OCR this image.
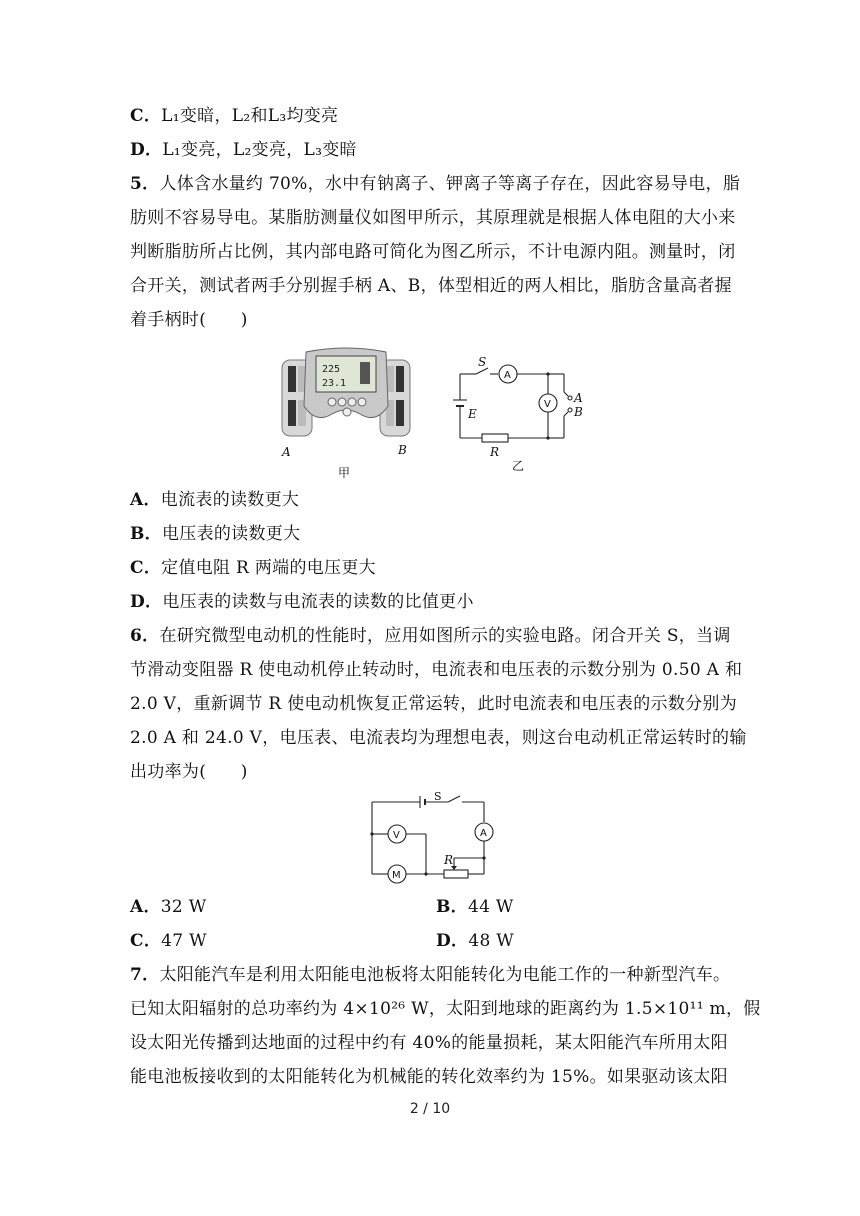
C．L₁变暗，L₂和L₃均变亮
D．L₁变亮，L₂变亮，L₃变暗
5．人体含水量约 70%，水中有钠离子、钾离子等离子存在，因此容易导电，脂
肪则不容易导电。某脂肪测量仪如图甲所示，其原理就是根据人体电阻的大小来
判断脂肪所占比例，其内部电路可简化为图乙所示，不计电源内阻。测量时，闭
合开关，测试者两手分别握手柄 A、B，体型相近的两人相比，脂肪含量高者握
着手柄时(　　)
225
23.1
A	B
甲
S
A
V A
B
E
R
乙
A．电流表的读数更大
B．电压表的读数更大
C．定值电阻 R 两端的电压更大
D．电压表的读数与电流表的读数的比值更小
6．在研究微型电动机的性能时，应用如图所示的实验电路。闭合开关 S，当调
节滑动变阻器 R 使电动机停止转动时，电流表和电压表的示数分别为 0.50 A 和
2.0 V，重新调节 R 使电动机恢复正常运转，此时电流表和电压表的示数分别为
2.0 A 和 24.0 V，电压表、电流表均为理想电表，则这台电动机正常运转时的输
出功率为(　　)
S
V	A
M
R
A．32 W	B．44 W
C．47 W	D．48 W
7．太阳能汽车是利用太阳能电池板将太阳能转化为电能工作的一种新型汽车。
已知太阳辐射的总功率约为 4×10²⁶ W，太阳到地球的距离约为 1.5×10¹¹ m，假
设太阳光传播到达地面的过程中约有 40%的能量损耗，某太阳能汽车所用太阳
能电池板接收到的太阳能转化为机械能的转化效率约为 15%。如果驱动该太阳
2 / 10
